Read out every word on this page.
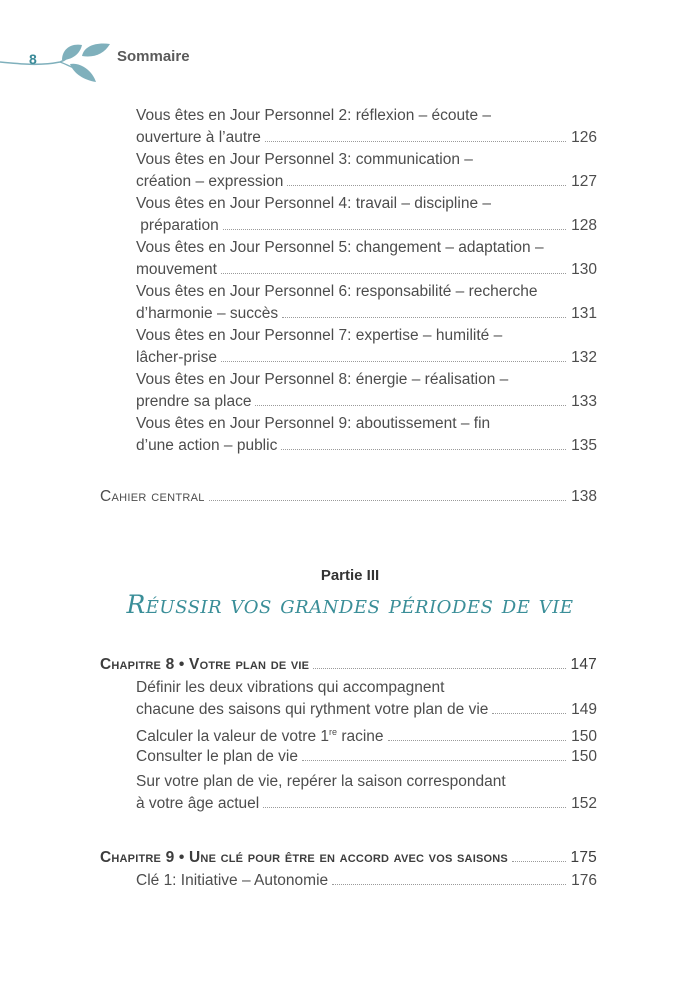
8	Sommaire
Vous êtes en Jour Personnel 2: réflexion – écoute –
ouverture à l’autre	126
Vous êtes en Jour Personnel 3: communication –
création – expression	127
Vous êtes en Jour Personnel 4: travail – discipline –
préparation	128
Vous êtes en Jour Personnel 5: changement – adaptation –
mouvement	130
Vous êtes en Jour Personnel 6: responsabilité – recherche
d’harmonie – succès	131
Vous êtes en Jour Personnel 7: expertise – humilité –
lâcher-prise	132
Vous êtes en Jour Personnel 8: énergie – réalisation –
prendre sa place	133
Vous êtes en Jour Personnel 9: aboutissement – fin
d’une action – public	135
Cahier central	138
Partie III
Réussir vos grandes périodes de vie
Chapitre 8 • Votre plan de vie	147
Définir les deux vibrations qui accompagnent
chacune des saisons qui rythment votre plan de vie	149
Calculer la valeur de votre 1re racine	150
Consulter le plan de vie	150
Sur votre plan de vie, repérer la saison correspondant
à votre âge actuel	152
Chapitre 9 • Une clé pour être en accord avec vos saisons	175
Clé 1: Initiative – Autonomie	176
